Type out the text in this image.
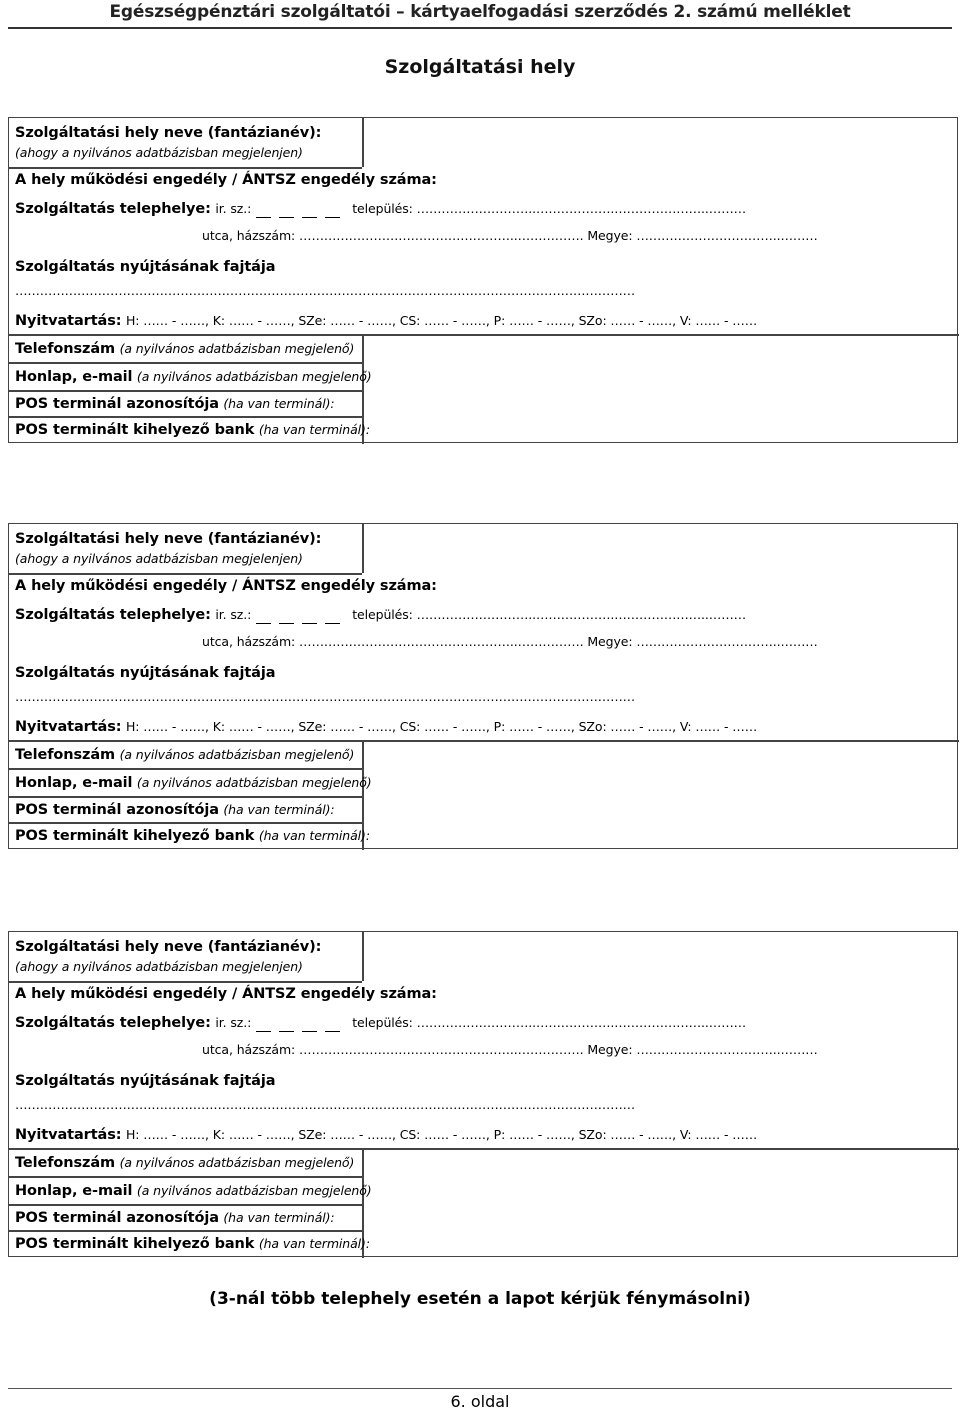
Egészségpénztári szolgáltatói – kártyaelfogadási szerződés 2. számú melléklet
Szolgáltatási hely
Szolgáltatási hely neve (fantázianév):
(ahogy a nyilvános adatbázisban megjelenjen)
A hely működési engedély / ÁNTSZ engedély száma:
Szolgáltatás telephelye: ir. sz.:	település: ………………………..……………….…………………..………
utca, házszám: ……………………………………………..……………. Megye: ……………………………..………
Szolgáltatás nyújtásának fajtája
……………………………………………………………………………………………………………………………………
Nyitvatartás: H: …… - ……, K: …… - ……, SZe: …… - ……, CS: …… - ……, P: …… - ……, SZo: …… - ……, V: …… - ……
Telefonszám (a nyilvános adatbázisban megjelenő)
Honlap, e-mail (a nyilvános adatbázisban megjelenő)
POS terminál azonosítója (ha van terminál):
POS terminált kihelyező bank (ha van terminál):
Szolgáltatási hely neve (fantázianév):
(ahogy a nyilvános adatbázisban megjelenjen)
A hely működési engedély / ÁNTSZ engedély száma:
Szolgáltatás telephelye: ir. sz.:	település: ………………………..……………….…………………..………
utca, házszám: ……………………………………………..……………. Megye: ……………………………..………
Szolgáltatás nyújtásának fajtája
……………………………………………………………………………………………………………………………………
Nyitvatartás: H: …… - ……, K: …… - ……, SZe: …… - ……, CS: …… - ……, P: …… - ……, SZo: …… - ……, V: …… - ……
Telefonszám (a nyilvános adatbázisban megjelenő)
Honlap, e-mail (a nyilvános adatbázisban megjelenő)
POS terminál azonosítója (ha van terminál):
POS terminált kihelyező bank (ha van terminál):
Szolgáltatási hely neve (fantázianév):
(ahogy a nyilvános adatbázisban megjelenjen)
A hely működési engedély / ÁNTSZ engedély száma:
Szolgáltatás telephelye: ir. sz.:	település: ………………………..……………….…………………..………
utca, házszám: ……………………………………………..……………. Megye: ……………………………..………
Szolgáltatás nyújtásának fajtája
……………………………………………………………………………………………………………………………………
Nyitvatartás: H: …… - ……, K: …… - ……, SZe: …… - ……, CS: …… - ……, P: …… - ……, SZo: …… - ……, V: …… - ……
Telefonszám (a nyilvános adatbázisban megjelenő)
Honlap, e-mail (a nyilvános adatbázisban megjelenő)
POS terminál azonosítója (ha van terminál):
POS terminált kihelyező bank (ha van terminál):
(3-nál több telephely esetén a lapot kérjük fénymásolni)
6. oldal
